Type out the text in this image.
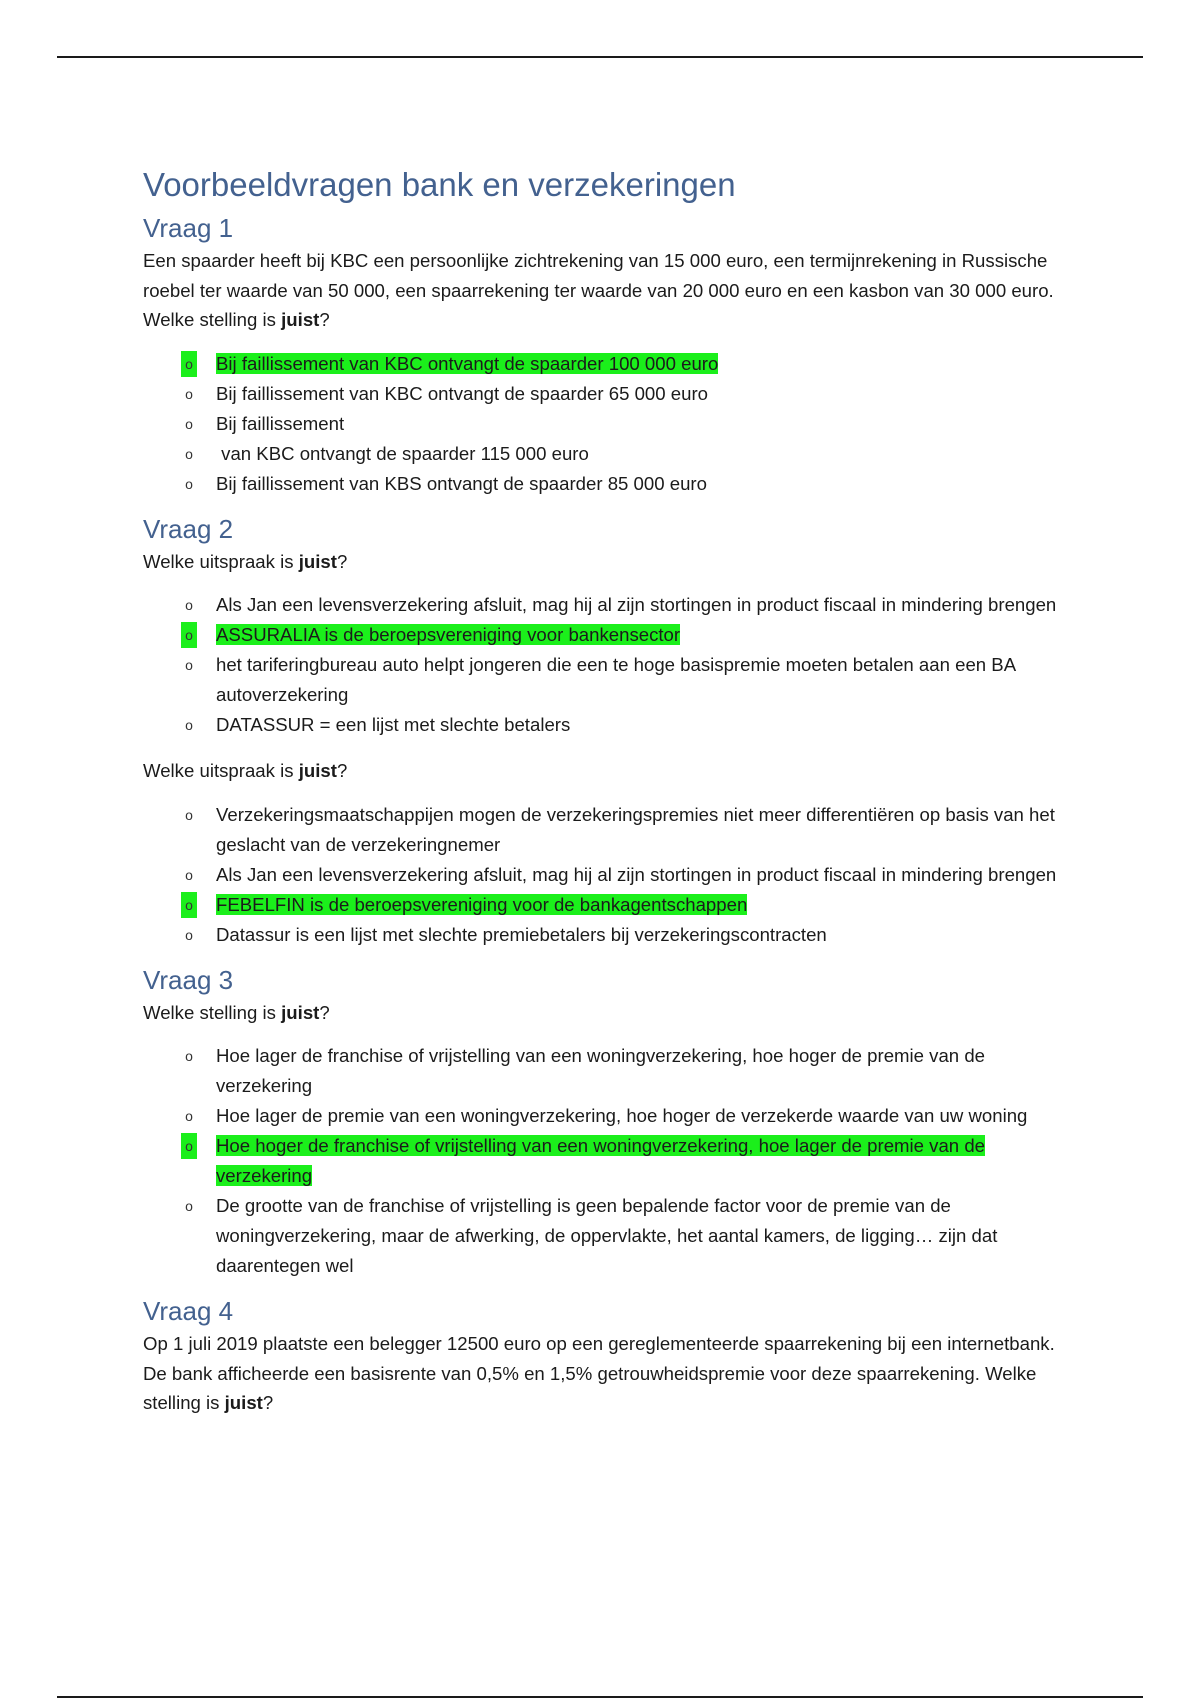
Voorbeeldvragen bank en verzekeringen
Vraag 1

Een spaarder heeft bij KBC een persoonlijke zichtrekening van 15 000 euro, een termijnrekening in Russische roebel ter waarde van 50 000, een spaarrekening ter waarde van 20 000 euro en een kasbon van 30 000 euro. Welke stelling is juist?

o Bij faillissement van KBC ontvangt de spaarder 100 000 euro
o Bij faillissement van KBC ontvangt de spaarder 65 000 euro
o Bij faillissement
o van KBC ontvangt de spaarder 115 000 euro
o Bij faillissement van KBS ontvangt de spaarder 85 000 euro
Vraag 2

Welke uitspraak is juist?

o Als Jan een levensverzekering afsluit, mag hij al zijn stortingen in product fiscaal in mindering brengen
o ASSURALIA is de beroepsvereniging voor bankensector
o het tariferingbureau auto helpt jongeren die een te hoge basispremie moeten betalen aan een BA autoverzekering
o DATASSUR = een lijst met slechte betalers

Welke uitspraak is juist?

o Verzekeringsmaatschappijen mogen de verzekeringspremies niet meer differentiëren op basis van het geslacht van de verzekeringnemer
o Als Jan een levensverzekering afsluit, mag hij al zijn stortingen in product fiscaal in mindering brengen
o FEBELFIN is de beroepsvereniging voor de bankagentschappen
o Datassur is een lijst met slechte premiebetalers bij verzekeringscontracten
Vraag 3

Welke stelling is juist?

o Hoe lager de franchise of vrijstelling van een woningverzekering, hoe hoger de premie van de verzekering
o Hoe lager de premie van een woningverzekering, hoe hoger de verzekerde waarde van uw woning
o Hoe hoger de franchise of vrijstelling van een woningverzekering, hoe lager de premie van de verzekering
o De grootte van de franchise of vrijstelling is geen bepalende factor voor de premie van de woningverzekering, maar de afwerking, de oppervlakte, het aantal kamers, de ligging… zijn dat daarentegen wel
Vraag 4

Op 1 juli 2019 plaatste een belegger 12500 euro op een gereglementeerde spaarrekening bij een internetbank. De bank afficheerde een basisrente van 0,5% en 1,5% getrouwheidspremie voor deze spaarrekening. Welke stelling is juist?
